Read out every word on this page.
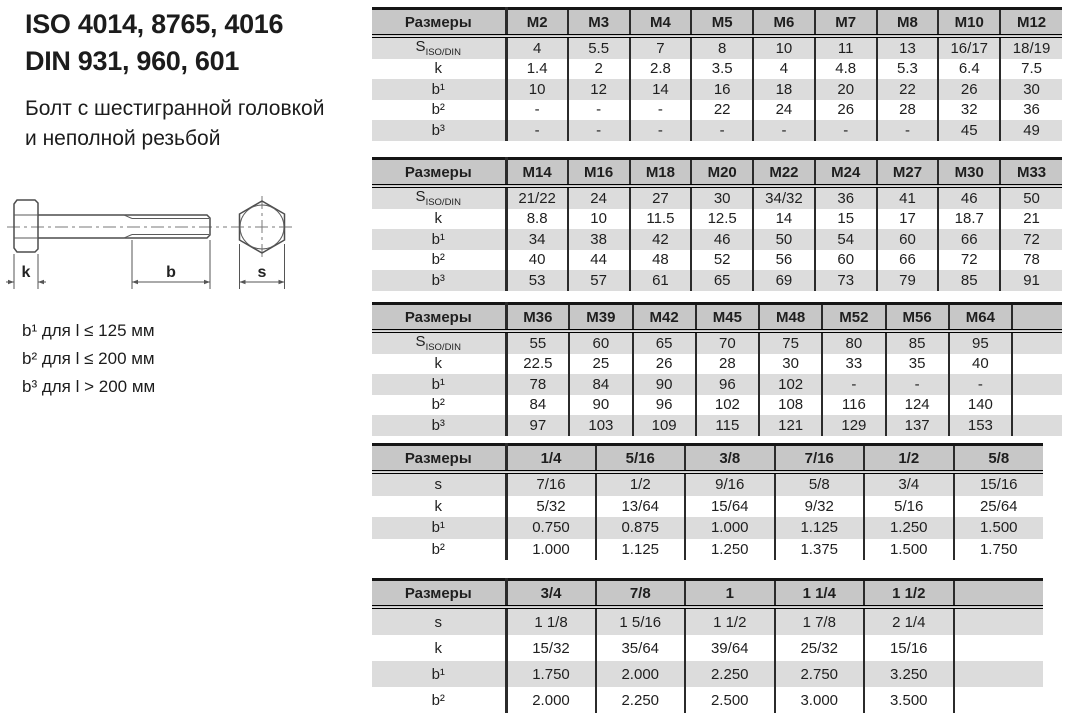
ISO 4014, 8765, 4016
DIN 931, 960, 601
Болт с шестигранной головкой
и неполной резьбой
k	b	s
b¹ для l ≤ 125 мм
b² для l ≤ 200 мм
b³ для l > 200 мм
Размеры	M2	M3	M4	M5	M6	M7	M8	M10	M12
$S_{ISO/DIN}$	4	5.5	7	8	10	11	13	16/17	18/19
k	1.4	2	2.8	3.5	4	4.8	5.3	6.4	7.5
b¹	10	12	14	16	18	20	22	26	30
b²	-	-	-	22	24	26	28	32	36
b³	-	-	-	-	-	-	-	45	49
Размеры	M14	M16	M18	M20	M22	M24	M27	M30	M33
$S_{ISO/DIN}$	21/22	24	27	30	34/32	36	41	46	50
k	8.8	10	11.5	12.5	14	15	17	18.7	21
b¹	34	38	42	46	50	54	60	66	72
b²	40	44	48	52	56	60	66	72	78
b³	53	57	61	65	69	73	79	85	91
Размеры	M36	M39	M42	M45	M48	M52	M56	M64	
$S_{ISO/DIN}$	55	60	65	70	75	80	85	95	
k	22.5	25	26	28	30	33	35	40	
b¹	78	84	90	96	102	-	-	-	
b²	84	90	96	102	108	116	124	140	
b³	97	103	109	115	121	129	137	153	
Размеры	1/4	5/16	3/8	7/16	1/2	5/8
s	7/16	1/2	9/16	5/8	3/4	15/16
k	5/32	13/64	15/64	9/32	5/16	25/64
b¹	0.750	0.875	1.000	1.125	1.250	1.500
b²	1.000	1.125	1.250	1.375	1.500	1.750
Размеры	3/4	7/8	1	1 1/4	1 1/2	
s	1 1/8	1 5/16	1 1/2	1 7/8	2 1/4	
k	15/32	35/64	39/64	25/32	15/16	
b¹	1.750	2.000	2.250	2.750	3.250	
b²	2.000	2.250	2.500	3.000	3.500	
